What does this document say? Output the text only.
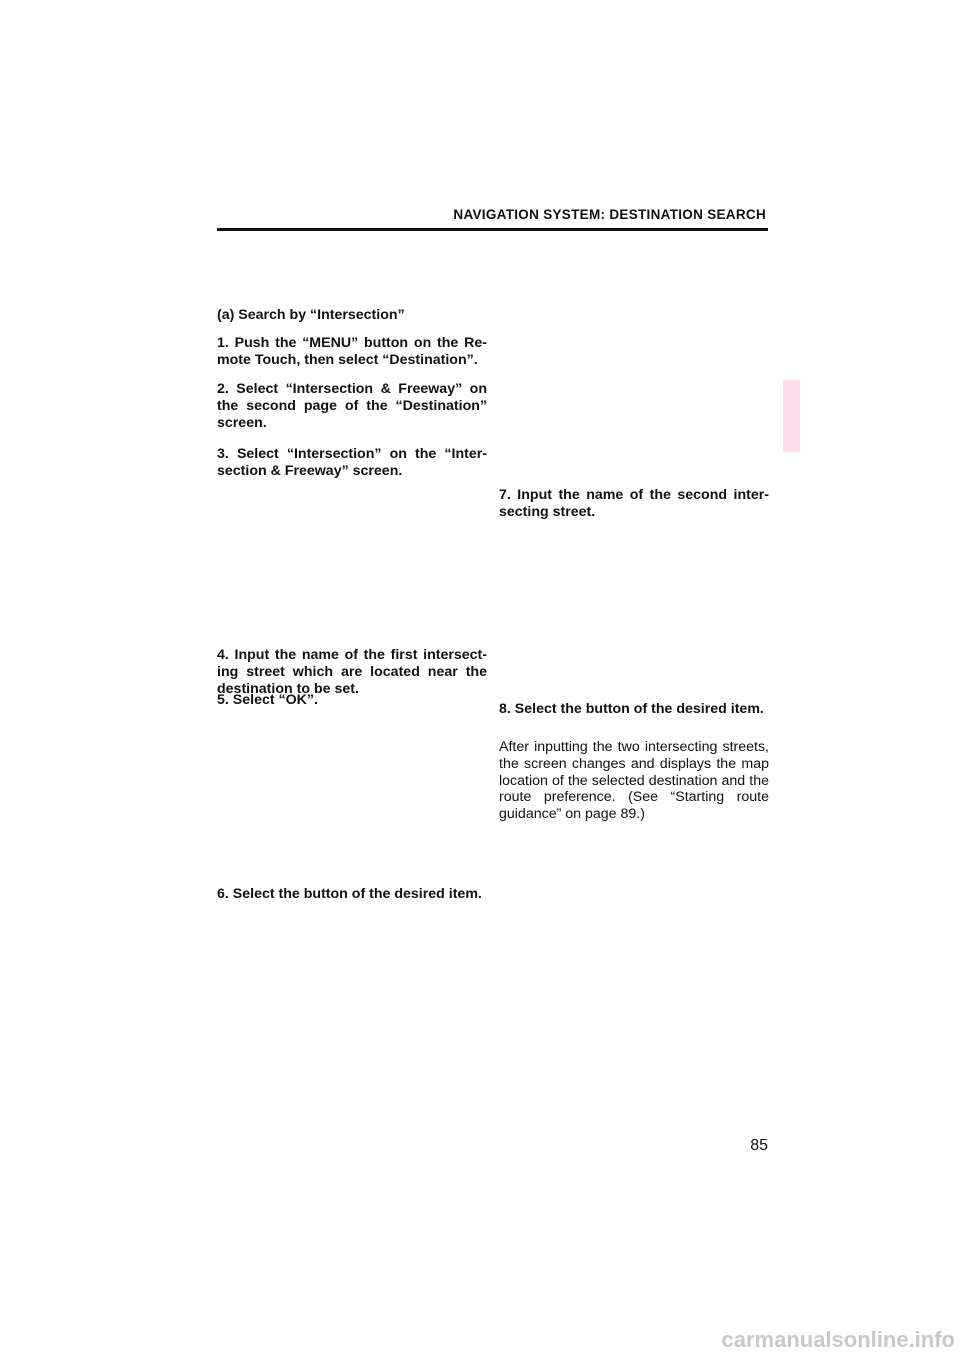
NAVIGATION SYSTEM: DESTINATION SEARCH
(a) Search by “Intersection”
1. Push the “MENU” button on the Re-mote Touch, then select “Destination”.
2. Select “Intersection & Freeway” on the second page of the “Destination” screen.
3. Select “Intersection” on the “Inter-section & Freeway” screen.
4. Input the name of the first intersect-ing street which are located near the destination to be set.
5. Select “OK”.
6. Select the button of the desired item.
7. Input the name of the second inter-secting street.
8. Select the button of the desired item.
After inputting the two intersecting streets, the screen changes and displays the map location of the selected destination and the route preference. (See “Starting route guidance” on page 89.)
85
carmanualsonline.info
